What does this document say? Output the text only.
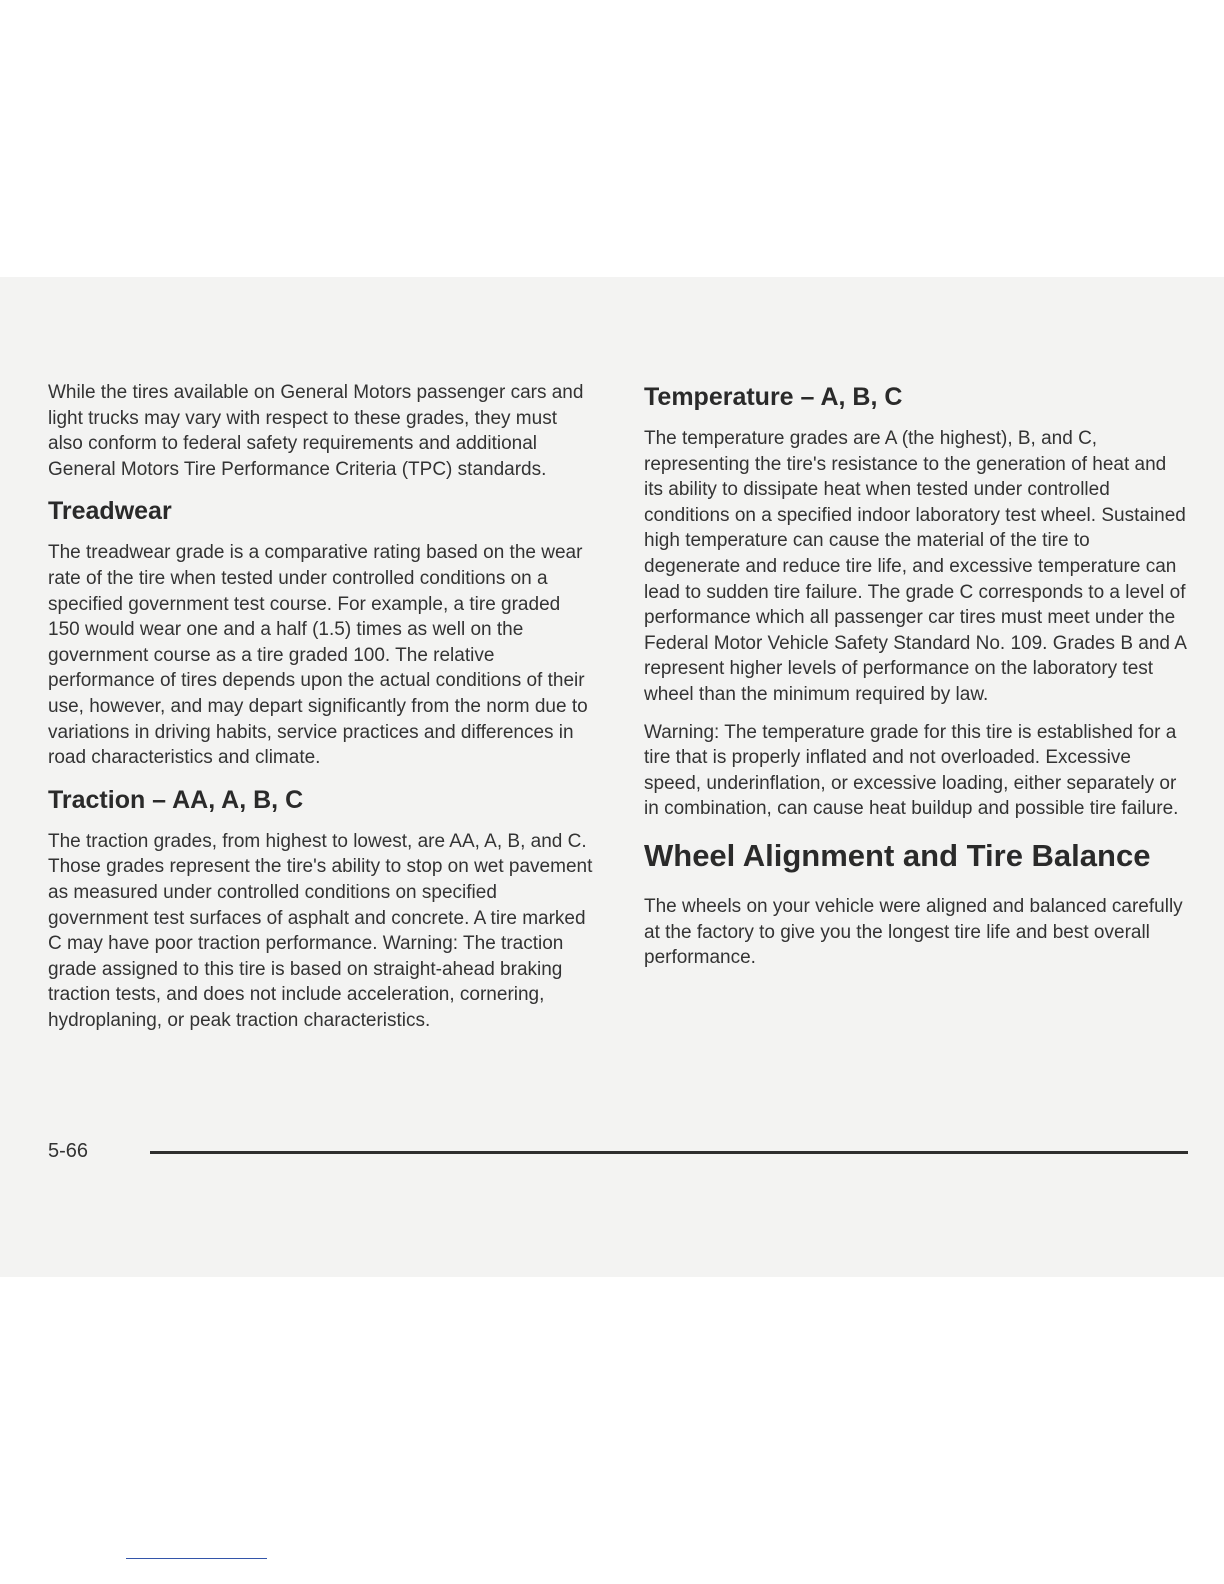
While the tires available on General Motors passenger cars and light trucks may vary with respect to these grades, they must also conform to federal safety requirements and additional General Motors Tire Performance Criteria (TPC) standards.

Treadwear

The treadwear grade is a comparative rating based on the wear rate of the tire when tested under controlled conditions on a specified government test course. For example, a tire graded 150 would wear one and a half (1.5) times as well on the government course as a tire graded 100. The relative performance of tires depends upon the actual conditions of their use, however, and may depart significantly from the norm due to variations in driving habits, service practices and differences in road characteristics and climate.

Traction – AA, A, B, C

The traction grades, from highest to lowest, are AA, A, B, and C. Those grades represent the tire's ability to stop on wet pavement as measured under controlled conditions on specified government test surfaces of asphalt and concrete. A tire marked C may have poor traction performance. Warning: The traction grade assigned to this tire is based on straight-ahead braking traction tests, and does not include acceleration, cornering, hydroplaning, or peak traction characteristics.

Temperature – A, B, C

The temperature grades are A (the highest), B, and C, representing the tire's resistance to the generation of heat and its ability to dissipate heat when tested under controlled conditions on a specified indoor laboratory test wheel. Sustained high temperature can cause the material of the tire to degenerate and reduce tire life, and excessive temperature can lead to sudden tire failure. The grade C corresponds to a level of performance which all passenger car tires must meet under the Federal Motor Vehicle Safety Standard No. 109. Grades B and A represent higher levels of performance on the laboratory test wheel than the minimum required by law.

Warning: The temperature grade for this tire is established for a tire that is properly inflated and not overloaded. Excessive speed, underinflation, or excessive loading, either separately or in combination, can cause heat buildup and possible tire failure.

Wheel Alignment and Tire Balance

The wheels on your vehicle were aligned and balanced carefully at the factory to give you the longest tire life and best overall performance.

5-66
